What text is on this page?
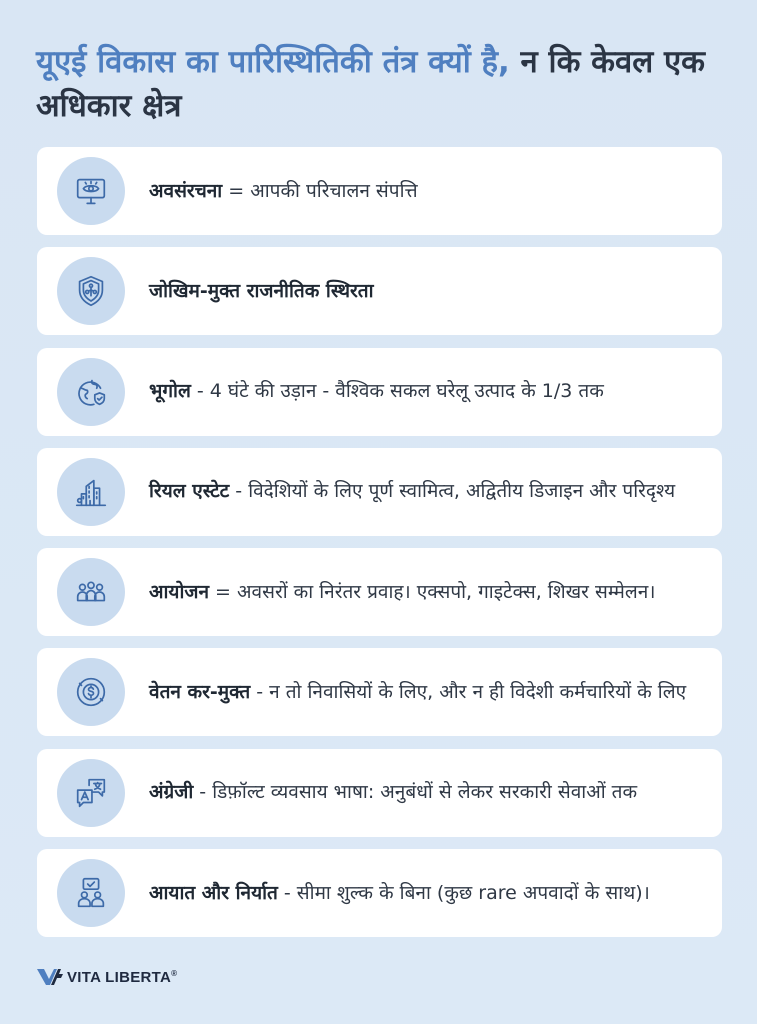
यूएई विकास का पारिस्थितिकी तंत्र क्यों है, न कि केवल एक अधिकार क्षेत्र
अवसंरचना = आपकी परिचालन संपत्ति
जोखिम-मुक्त राजनीतिक स्थिरता
भूगोल - 4 घंटे की उड़ान - वैश्विक सकल घरेलू उत्पाद के 1/3 तक
रियल एस्टेट - विदेशियों के लिए पूर्ण स्वामित्व, अद्वितीय डिजाइन और परिदृश्य
आयोजन = अवसरों का निरंतर प्रवाह। एक्सपो, गाइटेक्स, शिखर सम्मेलन।
वेतन कर-मुक्त - न तो निवासियों के लिए, और न ही विदेशी कर्मचारियों के लिए
अंग्रेजी - डिफ़ॉल्ट व्यवसाय भाषा: अनुबंधों से लेकर सरकारी सेवाओं तक
आयात और निर्यात - सीमा शुल्क के बिना (कुछ rare अपवादों के साथ)।
VITA LIBERTA®
